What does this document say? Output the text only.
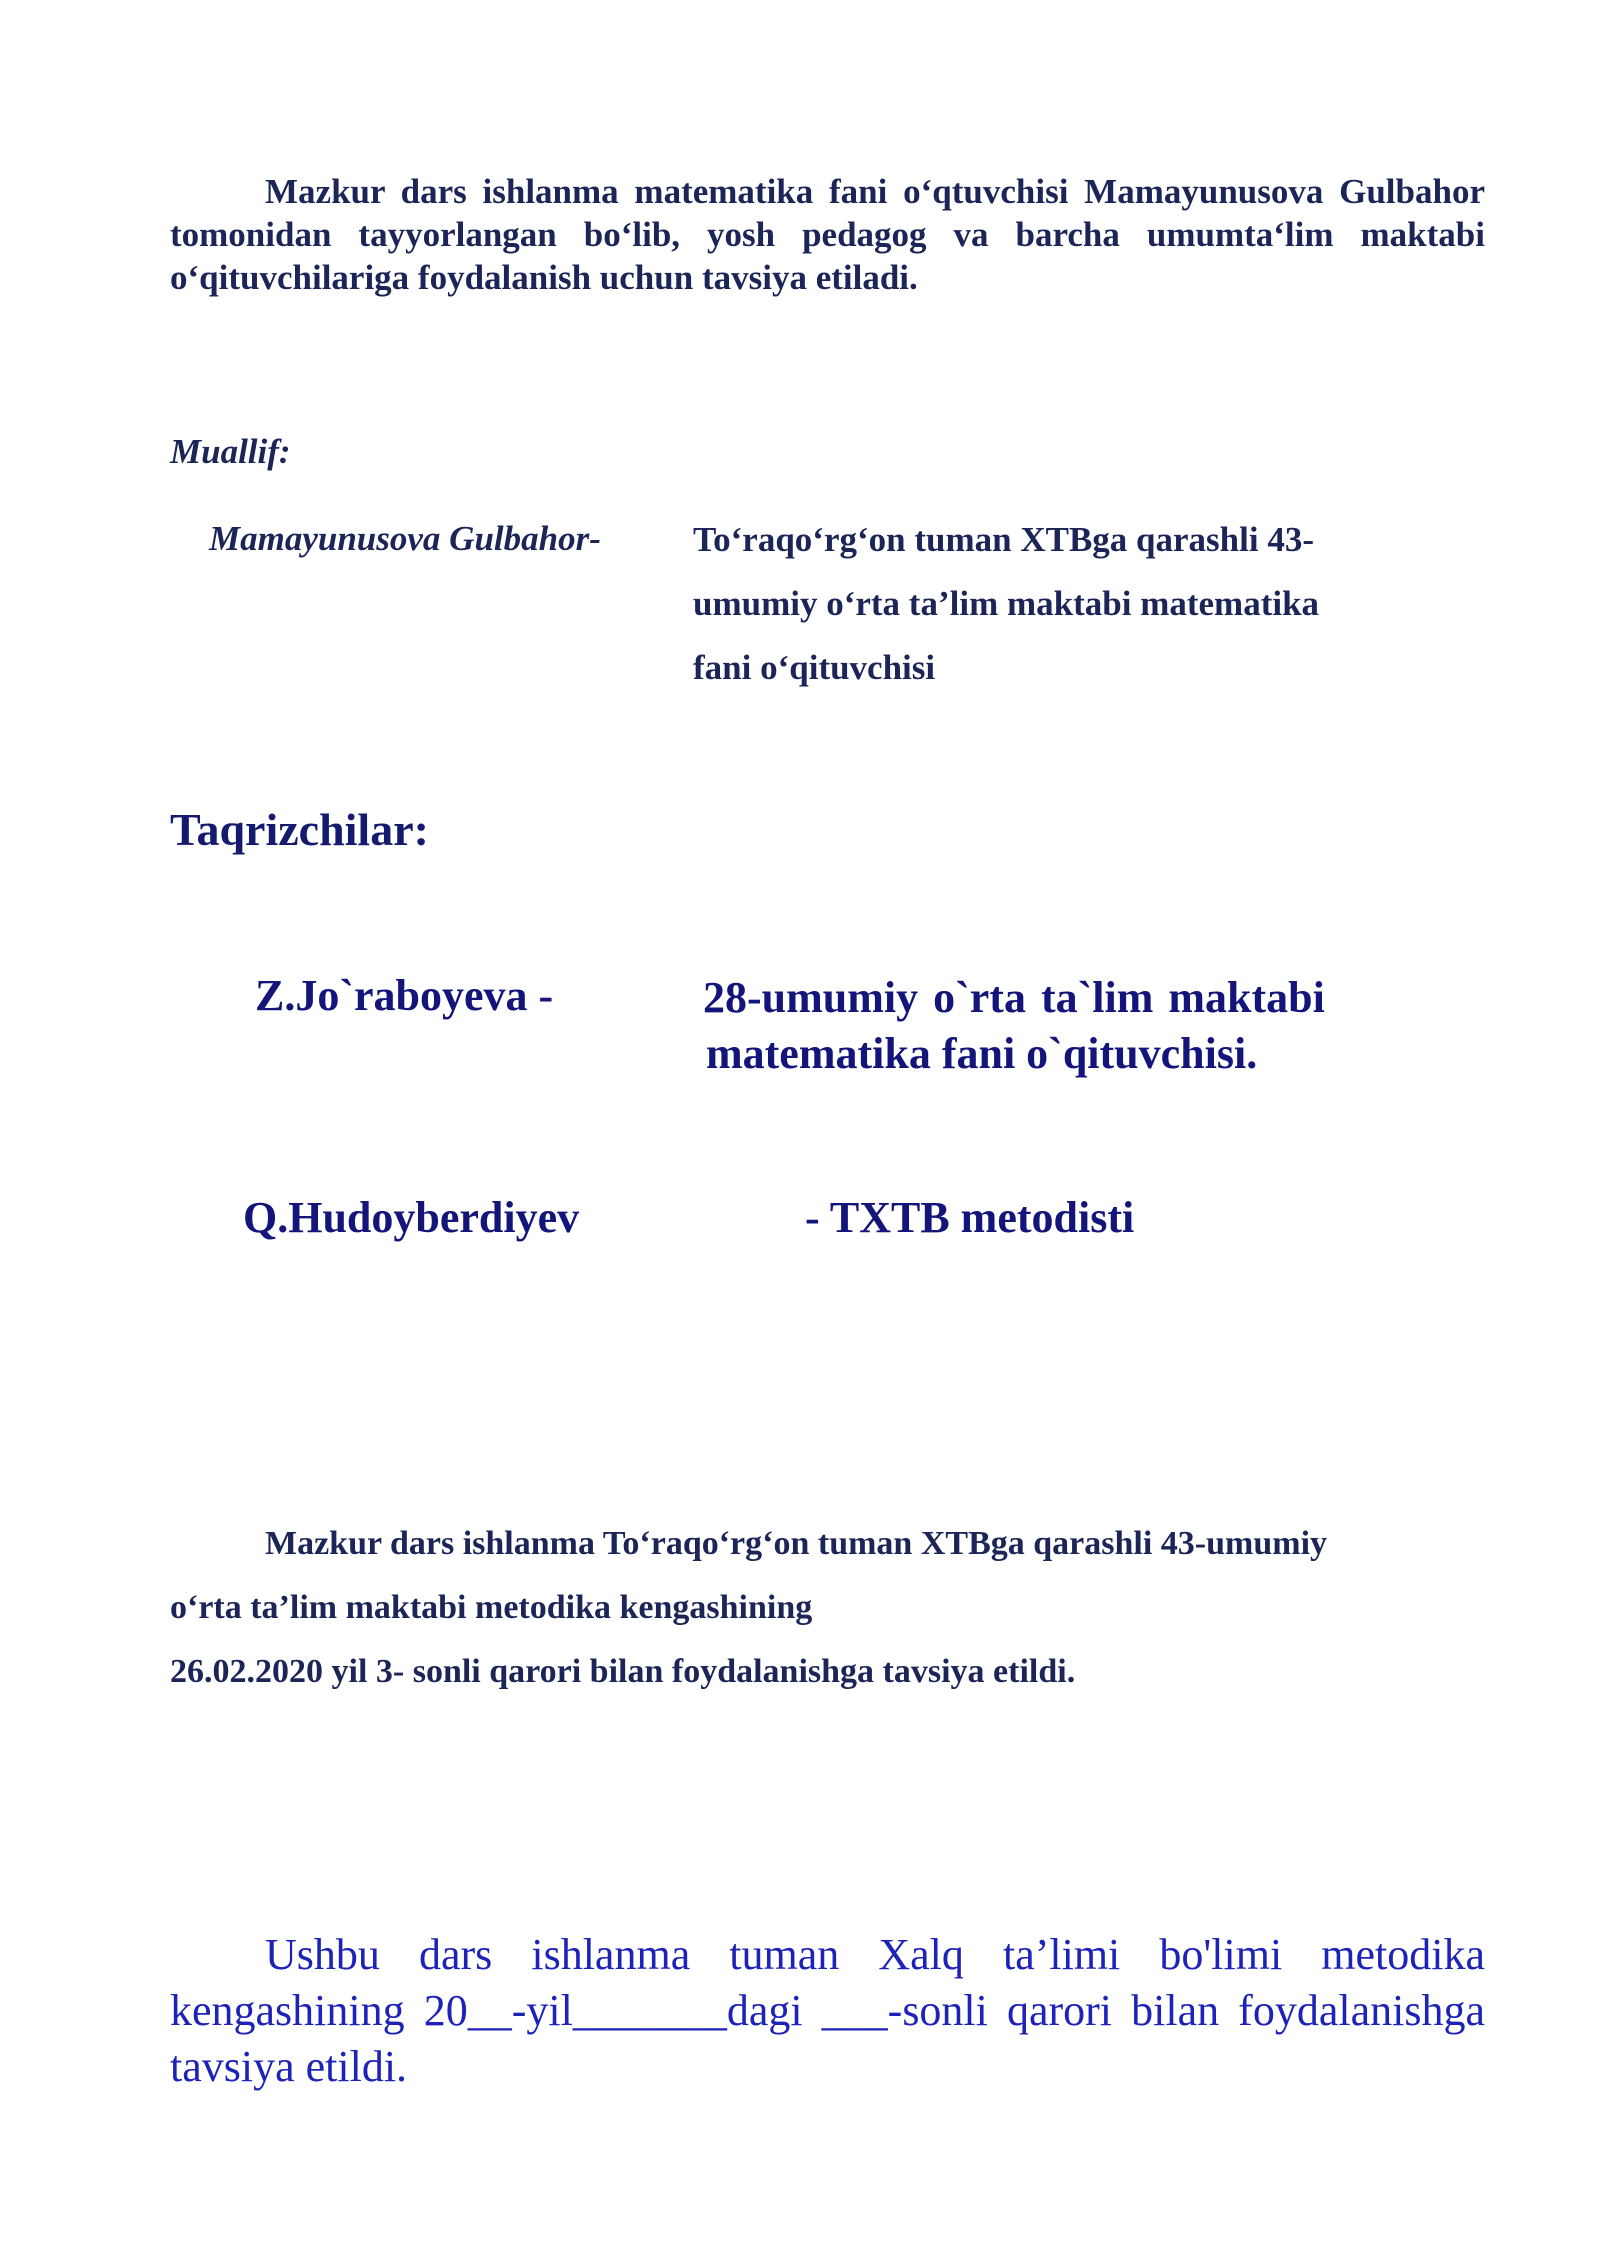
Mazkur dars ishlanma matematika fani o‘qtuvchisi Mamayunusova Gulbahor tomonidan tayyorlangan bo‘lib, yosh pedagog va barcha umumta‘lim maktabi o‘qituvchilariga foydalanish uchun tavsiya etiladi.

Muallif:
Mamayunusova Gulbahor-	To‘raqo‘rg‘on tuman XTBga qarashli 43-
umumiy o‘rta ta’lim maktabi matematika
fani o‘qituvchisi
Taqrizchilar:
Z.Jo`raboyeva -	28-umumiy o`rta ta`lim maktabi
matematika fani o`qituvchisi.
Q.Hudoyberdiyev	- TXTB metodisti
Mazkur dars ishlanma To‘raqo‘rg‘on tuman XTBga qarashli 43-umumiy
o‘rta ta’lim maktabi metodika kengashining
26.02.2020 yil 3- sonli qarori bilan foydalanishga tavsiya etildi.

Ushbu dars ishlanma tuman Xalq ta’limi bo'limi metodika kengashining 20__-yil_______dagi ___-sonli qarori bilan foydalanishga tavsiya etildi.
